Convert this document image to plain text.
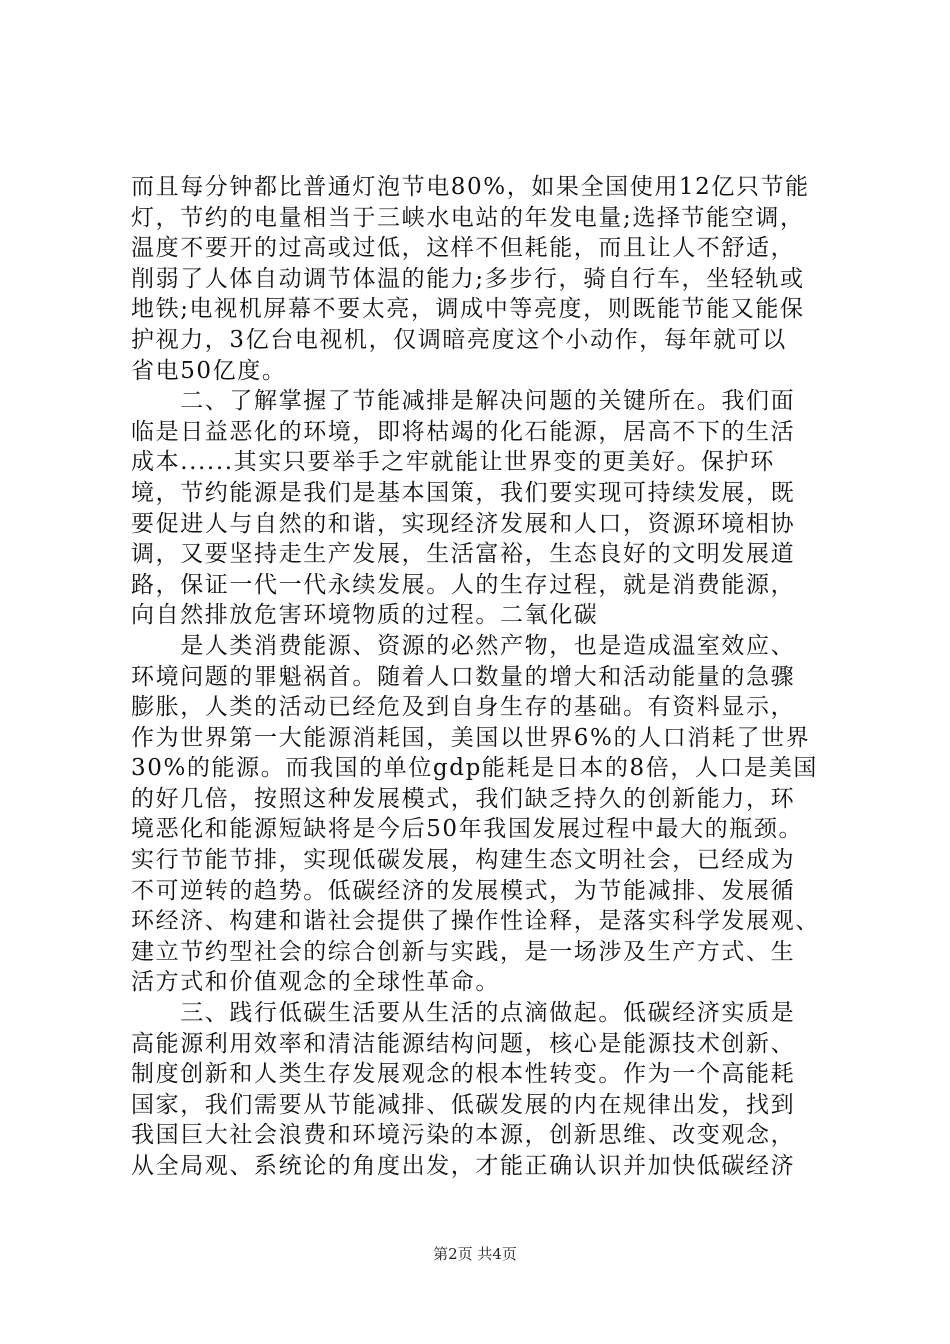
而且每分钟都比普通灯泡节电80%，如果全国使用12亿只节能
灯，节约的电量相当于三峡水电站的年发电量;选择节能空调，
温度不要开的过高或过低，这样不但耗能，而且让人不舒适，
削弱了人体自动调节体温的能力;多步行，骑自行车，坐轻轨或
地铁;电视机屏幕不要太亮，调成中等亮度，则既能节能又能保
护视力，3亿台电视机，仅调暗亮度这个小动作，每年就可以
省电50亿度。
　　二、了解掌握了节能减排是解决问题的关键所在。我们面
临是日益恶化的环境，即将枯竭的化石能源，居高不下的生活
成本......其实只要举手之牢就能让世界变的更美好。保护环
境，节约能源是我们是基本国策，我们要实现可持续发展，既
要促进人与自然的和谐，实现经济发展和人口，资源环境相协
调，又要坚持走生产发展，生活富裕，生态良好的文明发展道
路，保证一代一代永续发展。人的生存过程，就是消费能源，
向自然排放危害环境物质的过程。二氧化碳
　　是人类消费能源、资源的必然产物，也是造成温室效应、
环境问题的罪魁祸首。随着人口数量的增大和活动能量的急骤
膨胀，人类的活动已经危及到自身生存的基础。有资料显示，
作为世界第一大能源消耗国，美国以世界6%的人口消耗了世界
30%的能源。而我国的单位gdp能耗是日本的8倍，人口是美国
的好几倍，按照这种发展模式，我们缺乏持久的创新能力，环
境恶化和能源短缺将是今后50年我国发展过程中最大的瓶颈。
实行节能节排，实现低碳发展，构建生态文明社会，已经成为
不可逆转的趋势。低碳经济的发展模式，为节能减排、发展循
环经济、构建和谐社会提供了操作性诠释，是落实科学发展观、
建立节约型社会的综合创新与实践，是一场涉及生产方式、生
活方式和价值观念的全球性革命。
　　三、践行低碳生活要从生活的点滴做起。低碳经济实质是
高能源利用效率和清洁能源结构问题，核心是能源技术创新、
制度创新和人类生存发展观念的根本性转变。作为一个高能耗
国家，我们需要从节能减排、低碳发展的内在规律出发，找到
我国巨大社会浪费和环境污染的本源，创新思维、改变观念，
从全局观、系统论的角度出发，才能正确认识并加快低碳经济
第2页 共4页
